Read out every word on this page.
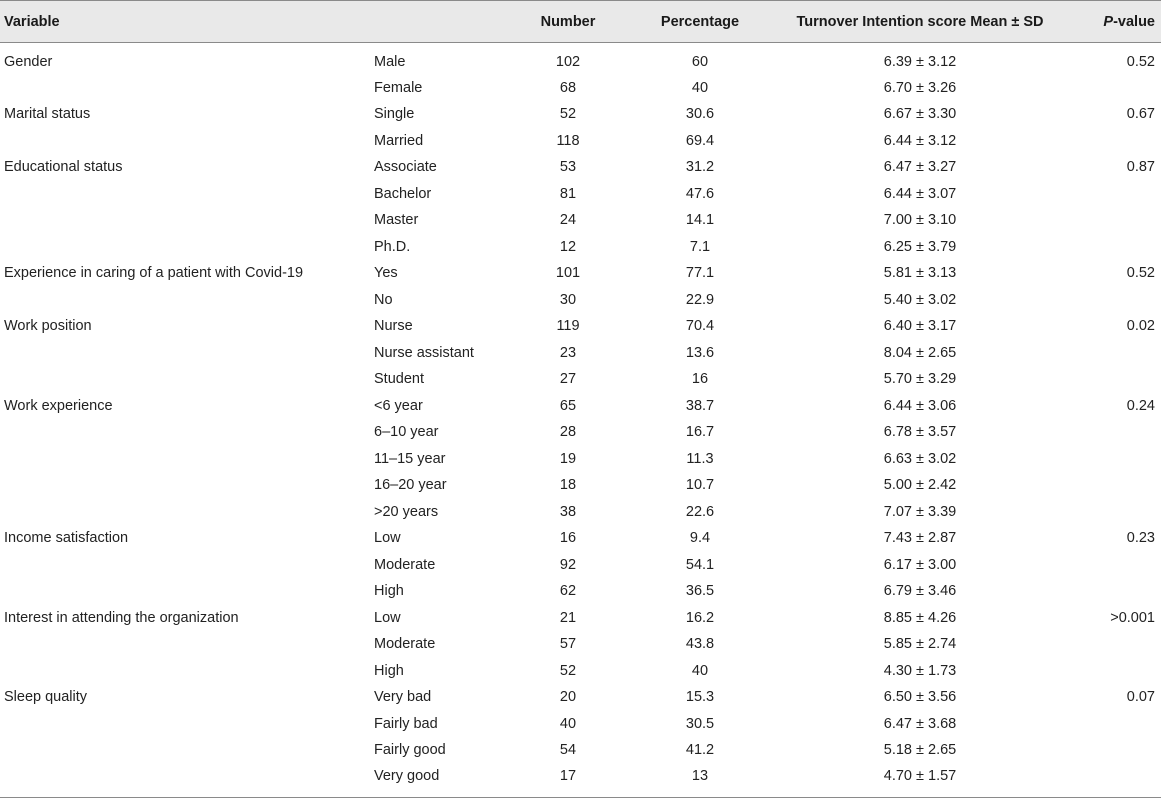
Variable		Number	Percentage	Turnover Intention score Mean ± SD	P-value
Gender	Male	102	60	6.39 ± 3.12	0.52
	Female	68	40	6.70 ± 3.26	
Marital status	Single	52	30.6	6.67 ± 3.30	0.67
	Married	118	69.4	6.44 ± 3.12	
Educational status	Associate	53	31.2	6.47 ± 3.27	0.87
	Bachelor	81	47.6	6.44 ± 3.07	
	Master	24	14.1	7.00 ± 3.10	
	Ph.D.	12	7.1	6.25 ± 3.79	
Experience in caring of a patient with Covid-19	Yes	101	77.1	5.81 ± 3.13	0.52
	No	30	22.9	5.40 ± 3.02	
Work position	Nurse	119	70.4	6.40 ± 3.17	0.02
	Nurse assistant	23	13.6	8.04 ± 2.65	
	Student	27	16	5.70 ± 3.29	
Work experience	<6 year	65	38.7	6.44 ± 3.06	0.24
	6–10 year	28	16.7	6.78 ± 3.57	
	11–15 year	19	11.3	6.63 ± 3.02	
	16–20 year	18	10.7	5.00 ± 2.42	
	>20 years	38	22.6	7.07 ± 3.39	
Income satisfaction	Low	16	9.4	7.43 ± 2.87	0.23
	Moderate	92	54.1	6.17 ± 3.00	
	High	62	36.5	6.79 ± 3.46	
Interest in attending the organization	Low	21	16.2	8.85 ± 4.26	>0.001
	Moderate	57	43.8	5.85 ± 2.74	
	High	52	40	4.30 ± 1.73	
Sleep quality	Very bad	20	15.3	6.50 ± 3.56	0.07
	Fairly bad	40	30.5	6.47 ± 3.68	
	Fairly good	54	41.2	5.18 ± 2.65	
	Very good	17	13	4.70 ± 1.57	
